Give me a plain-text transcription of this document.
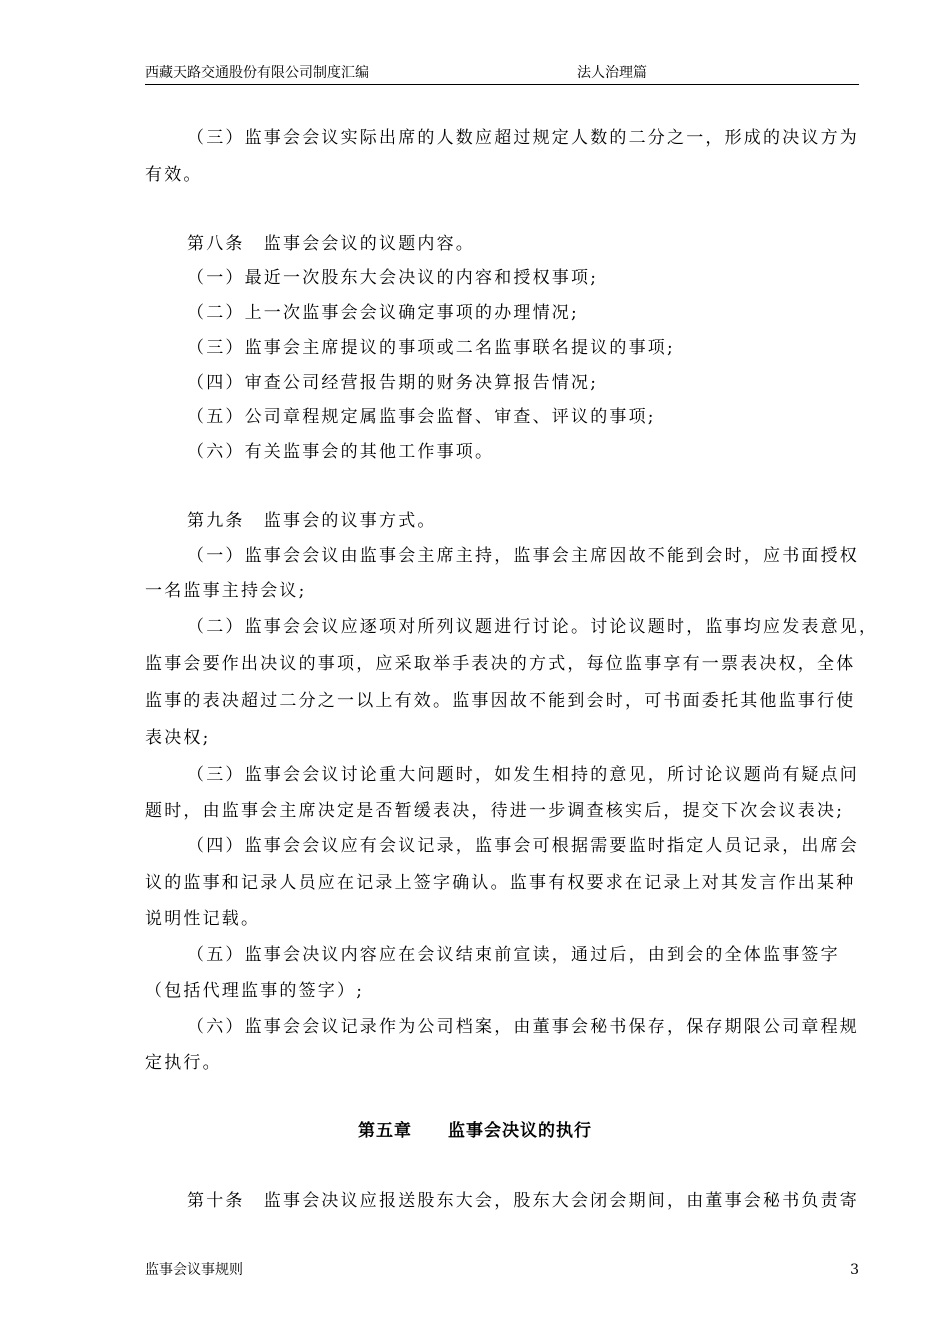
西藏天路交通股份有限公司制度汇编	法人治理篇
（三）监事会会议实际出席的人数应超过规定人数的二分之一，形成的决议方为
有效。
第八条　监事会会议的议题内容。
（一）最近一次股东大会决议的内容和授权事项;
（二）上一次监事会会议确定事项的办理情况;
（三）监事会主席提议的事项或二名监事联名提议的事项;
（四）审查公司经营报告期的财务决算报告情况;
（五）公司章程规定属监事会监督、审查、评议的事项;
（六）有关监事会的其他工作事项。
第九条　监事会的议事方式。
（一）监事会会议由监事会主席主持，监事会主席因故不能到会时，应书面授权
一名监事主持会议;
（二）监事会会议应逐项对所列议题进行讨论。讨论议题时，监事均应发表意见，
监事会要作出决议的事项，应采取举手表决的方式，每位监事享有一票表决权，全体
监事的表决超过二分之一以上有效。监事因故不能到会时，可书面委托其他监事行使
表决权;
（三）监事会会议讨论重大问题时，如发生相持的意见，所讨论议题尚有疑点问
题时，由监事会主席决定是否暂缓表决，待进一步调查核实后，提交下次会议表决;
（四）监事会会议应有会议记录，监事会可根据需要监时指定人员记录，出席会
议的监事和记录人员应在记录上签字确认。监事有权要求在记录上对其发言作出某种
说明性记载。
（五）监事会决议内容应在会议结束前宣读，通过后，由到会的全体监事签字
（包括代理监事的签字）;
（六）监事会会议记录作为公司档案，由董事会秘书保存，保存期限公司章程规
定执行。
第五章　　监事会决议的执行
第十条　监事会决议应报送股东大会，股东大会闭会期间，由董事会秘书负责寄
监事会议事规则	3
